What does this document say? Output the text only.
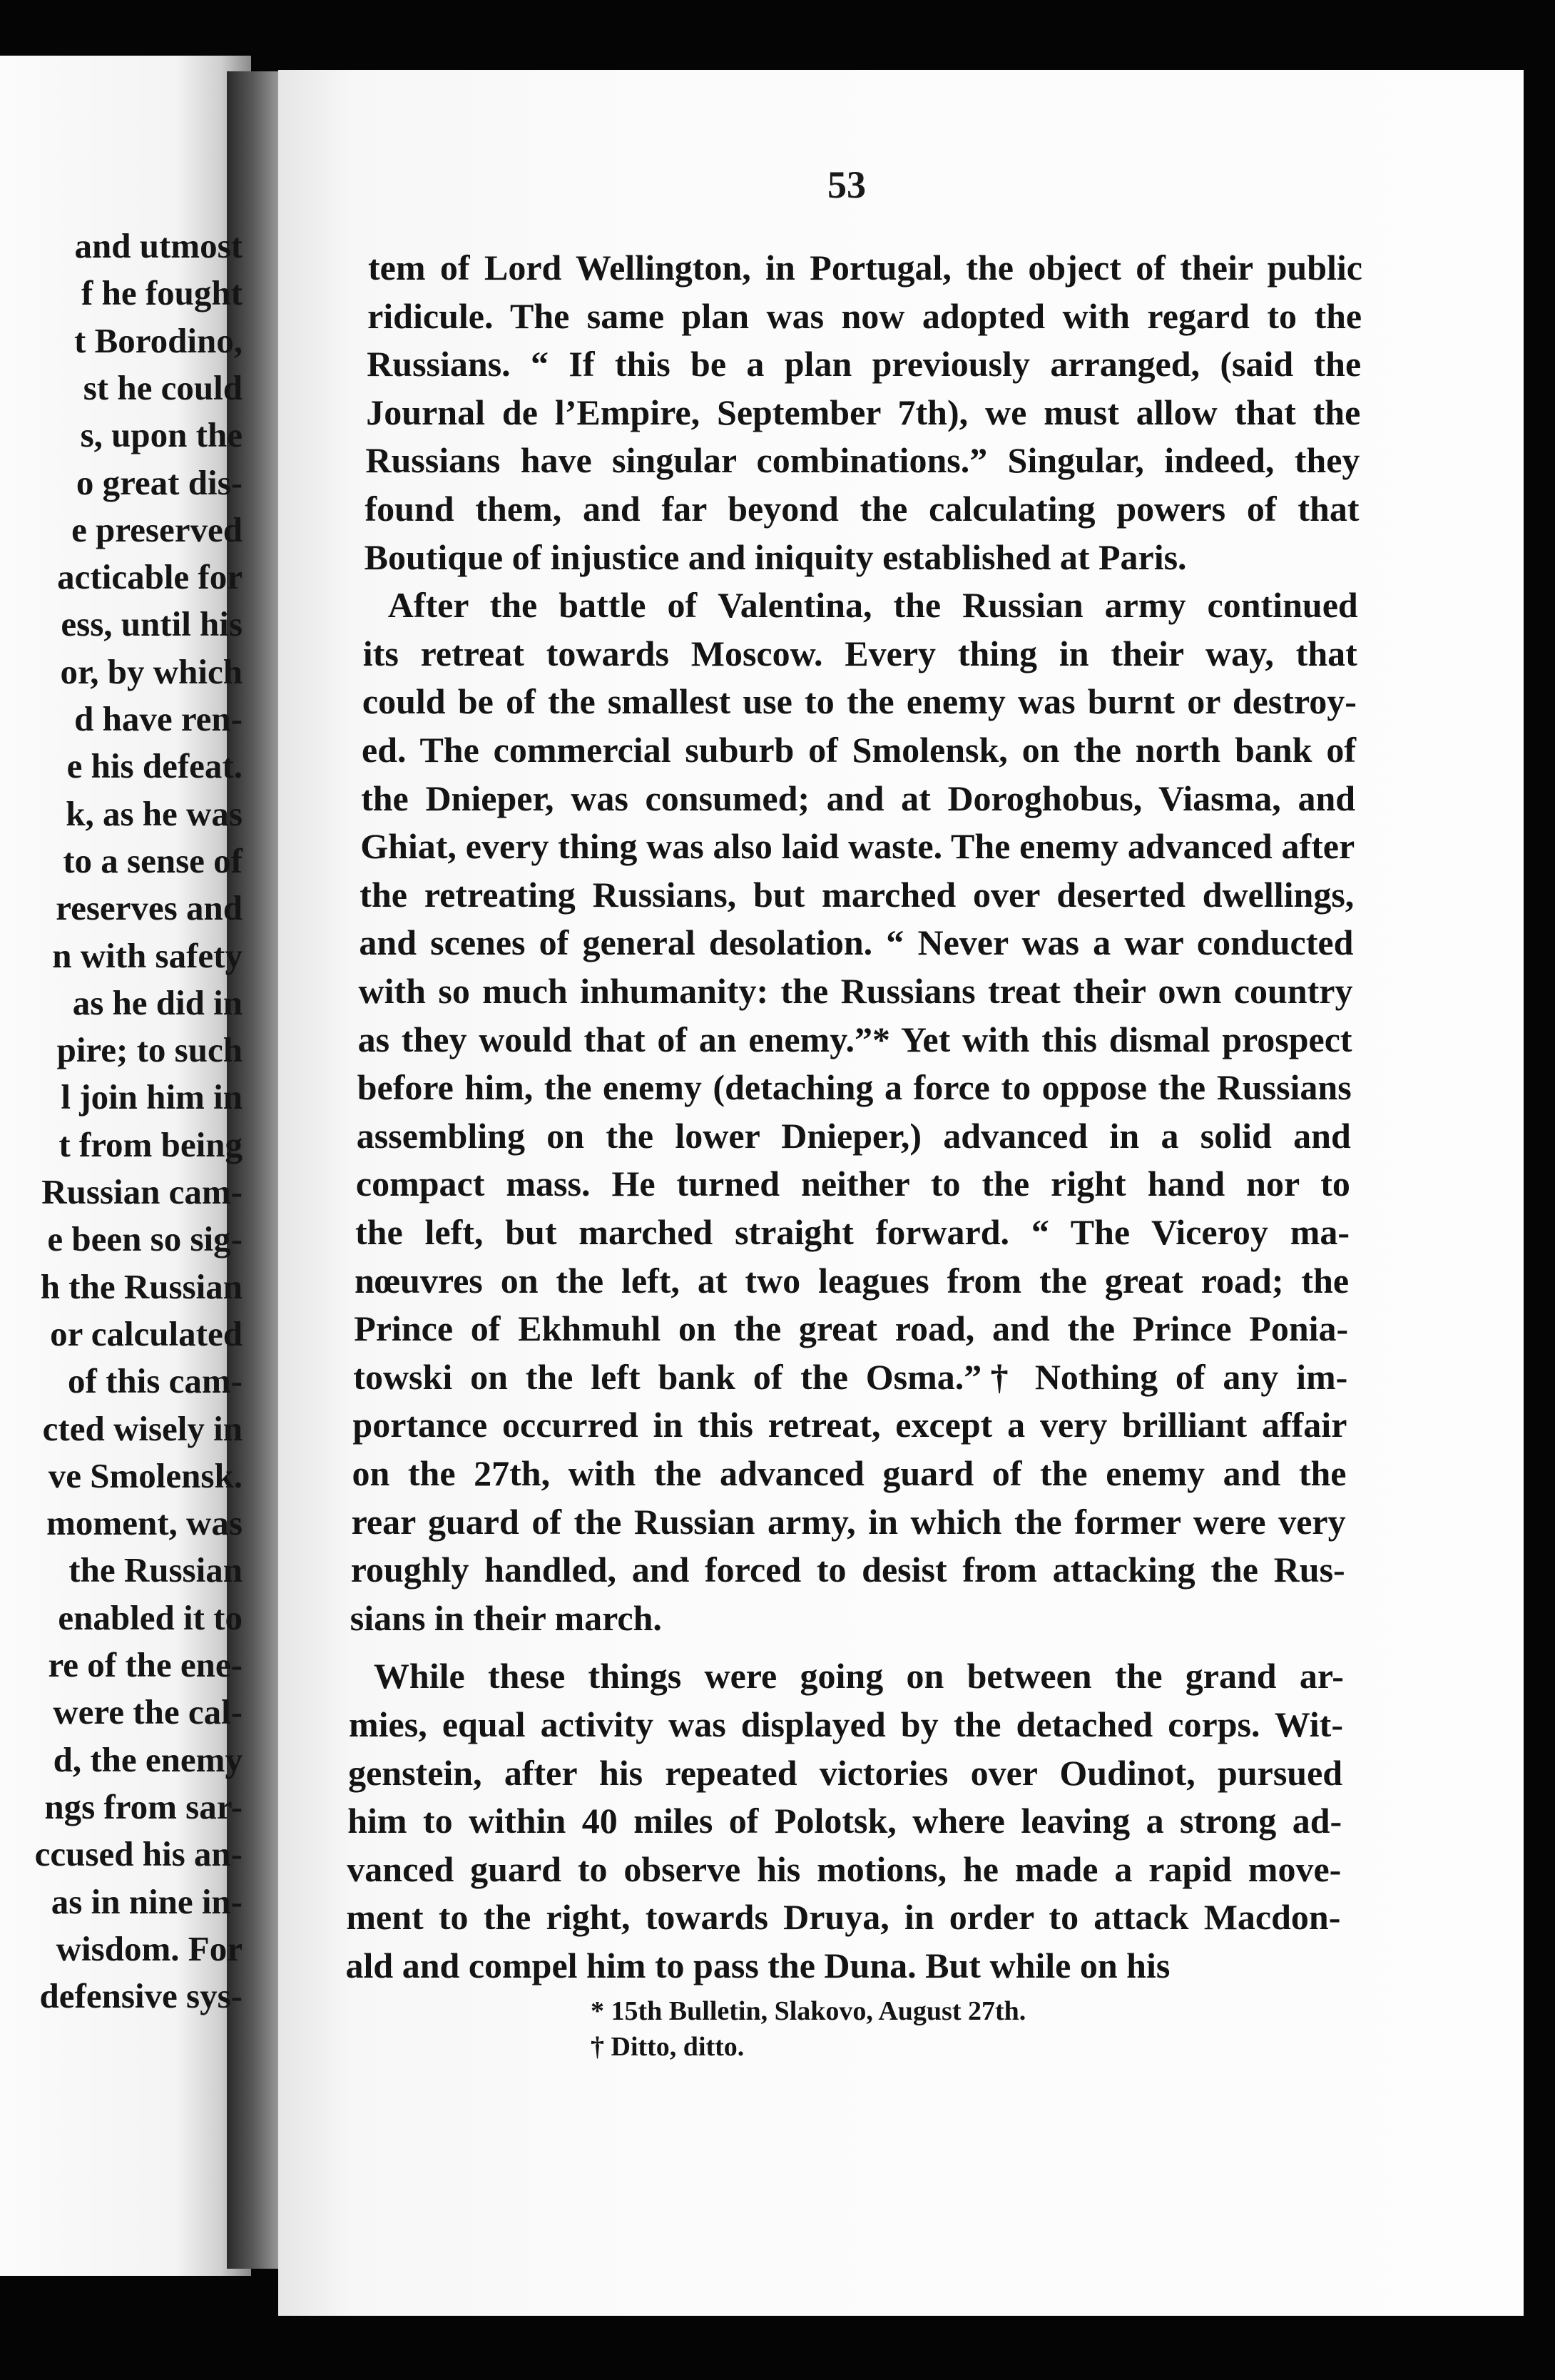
53
and utmost
f he fought
t Borodino,
st he could
s, upon the
o great dis-
e preserved
acticable for
ess, until his
or, by which
d have ren-
e his defeat.
k, as he was
to a sense of
reserves and
n with safety
as he did in
pire; to such
l join him in
t from being
Russian cam-
e been so sig-
h the Russian
or calculated
of this cam-
cted wisely in
ve Smolensk.
moment, was
the Russian
enabled it to
re of the ene-
were the cal-
d, the enemy
ngs from sar-
ccused his an-
as in nine in-
wisdom. For
defensive sys-
tem of Lord Wellington, in Portugal, the object of their public
ridicule. The same plan was now adopted with regard to the
Russians. “ If this be a plan previously arranged, (said the
Journal de l’Empire, September 7th), we must allow that the
Russians have singular combinations.” Singular, indeed, they
found them, and far beyond the calculating powers of that
Boutique of injustice and iniquity established at Paris.
After the battle of Valentina, the Russian army continued
its retreat towards Moscow. Every thing in their way, that
could be of the smallest use to the enemy was burnt or destroy-
ed. The commercial suburb of Smolensk, on the north bank of
the Dnieper, was consumed; and at Doroghobus, Viasma, and
Ghiat, every thing was also laid waste. The enemy advanced after
the retreating Russians, but marched over deserted dwellings,
and scenes of general desolation. “ Never was a war conducted
with so much inhumanity: the Russians treat their own country
as they would that of an enemy.”* Yet with this dismal prospect
before him, the enemy (detaching a force to oppose the Russians
assembling on the lower Dnieper,) advanced in a solid and
compact mass. He turned neither to the right hand nor to
the left, but marched straight forward. “ The Viceroy ma-
nœuvres on the left, at two leagues from the great road; the
Prince of Ekhmuhl on the great road, and the Prince Ponia-
towski on the left bank of the Osma.”† Nothing of any im-
portance occurred in this retreat, except a very brilliant affair
on the 27th, with the advanced guard of the enemy and the
rear guard of the Russian army, in which the former were very
roughly handled, and forced to desist from attacking the Rus-
sians in their march.
While these things were going on between the grand ar-
mies, equal activity was displayed by the detached corps. Wit-
genstein, after his repeated victories over Oudinot, pursued
him to within 40 miles of Polotsk, where leaving a strong ad-
vanced guard to observe his motions, he made a rapid move-
ment to the right, towards Druya, in order to attack Macdon-
ald and compel him to pass the Duna. But while on his
* 15th Bulletin, Slakovo, August 27th.
† Ditto, ditto.
